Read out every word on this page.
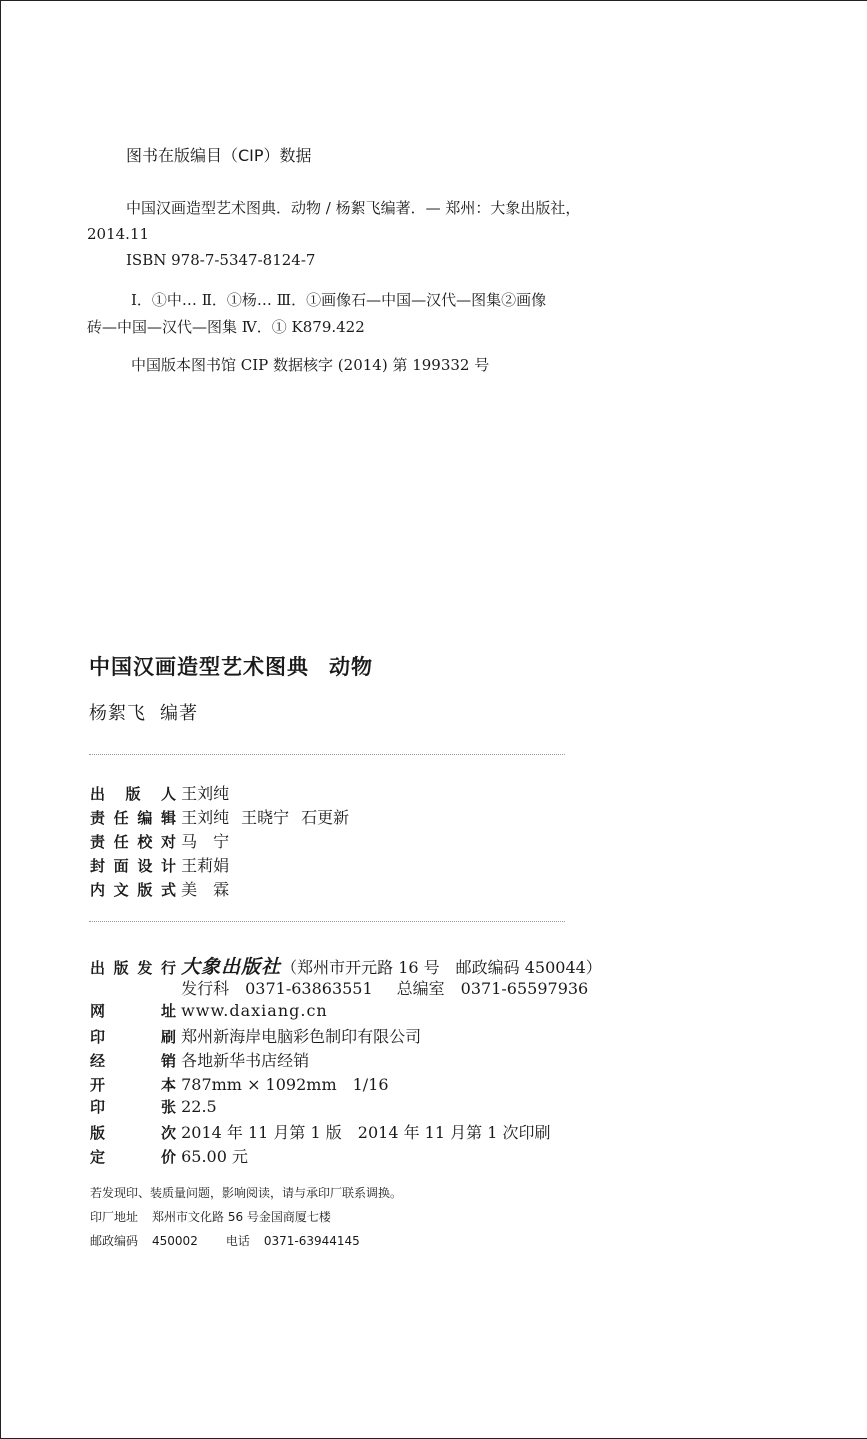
图书在版编目（CIP）数据
中国汉画造型艺术图典．动物 / 杨絮飞编著．— 郑州：大象出版社，
2014.11
ISBN 978-7-5347-8124-7
Ⅰ．①中… Ⅱ．①杨… Ⅲ．①画像石—中国—汉代—图集②画像
砖—中国—汉代—图集 Ⅳ．① K879.422
中国版本图书馆 CIP 数据核字 (2014) 第 199332 号
中国汉画造型艺术图典 动物
杨絮飞 编著
出版人 王刘纯
责任编辑 王刘纯 王晓宁 石更新
责任校对 马　宁
封面设计 王莉娟
内文版式 美　霖
出版发行 大象出版社（郑州市开元路 16 号　邮政编码 450044）
发行科　0371-63863551 总编室　0371-65597936
网址 www.daxiang.cn
印刷 郑州新海岸电脑彩色制印有限公司
经销 各地新华书店经销
开本 787mm × 1092mm　1/16
印张 22.5
版次 2014 年 11 月第 1 版　2014 年 11 月第 1 次印刷
定价 65.00 元
若发现印、装质量问题，影响阅读，请与承印厂联系调换。
印厂地址 郑州市文化路 56 号金国商厦七楼
邮政编码 450002 电话 0371-63944145
